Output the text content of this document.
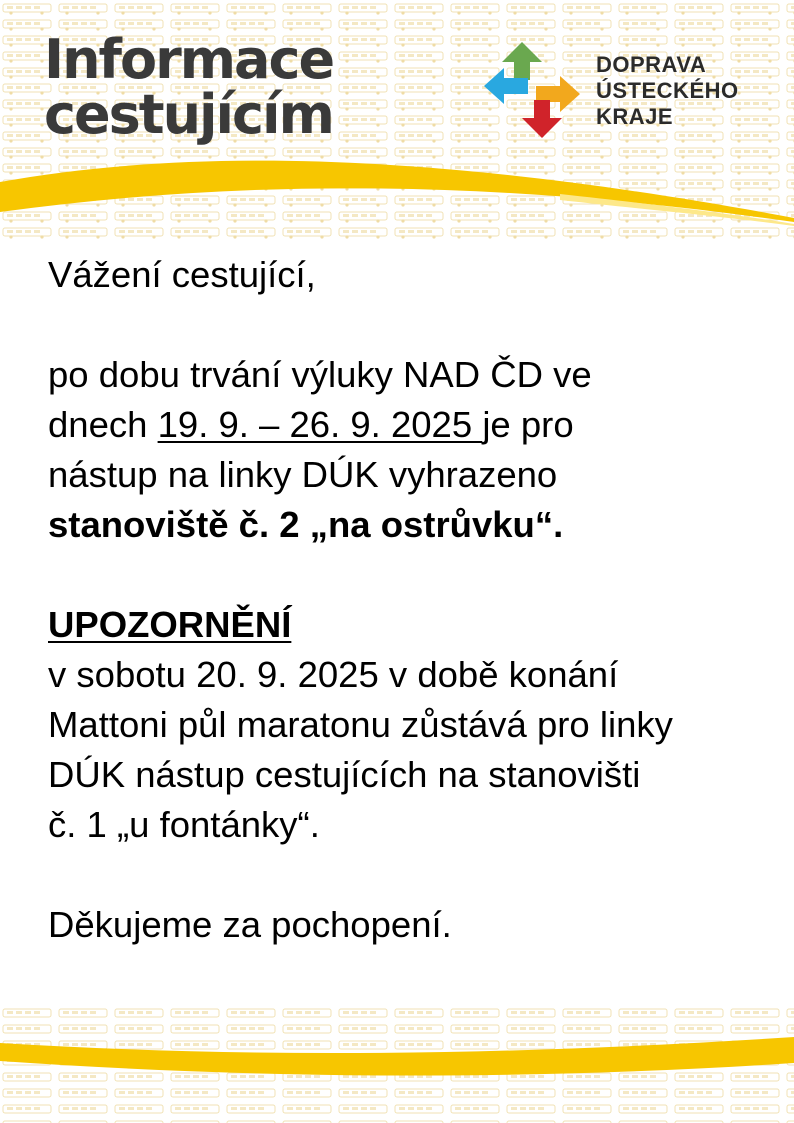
Informace
cestujícím
DOPRAVA
ÚSTECKÉHO
KRAJE

Vážení cestující,

po dobu trvání výluky NAD ČD ve
dnech 19. 9. – 26. 9. 2025 je pro
nástup na linky DÚK vyhrazeno
stanoviště č. 2 „na ostrůvku“.

UPOZORNĚNÍ
v sobotu 20. 9. 2025 v době konání
Mattoni půl maratonu zůstává pro linky
DÚK nástup cestujících na stanovišti
č. 1 „u fontánky“.

Děkujeme za pochopení.
